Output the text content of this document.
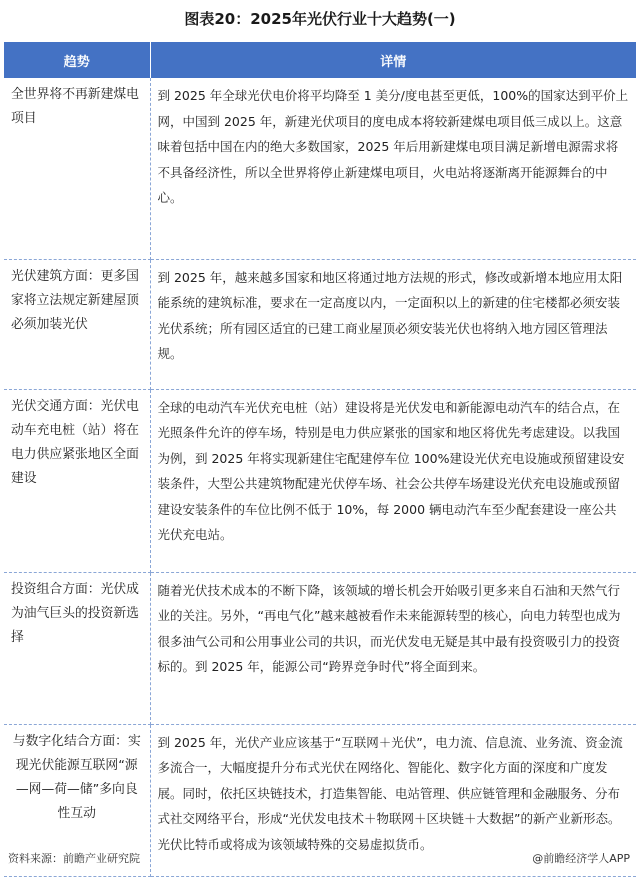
图表20：2025年光伏行业十大趋势(一)
趋势	详情
全世界将不再新建煤电项目	到 2025 年全球光伏电价将平均降至 1 美分/度电甚至更低，100%的国家达到平价上网，中国到 2025 年，新建光伏项目的度电成本将较新建煤电项目低三成以上。这意味着包括中国在内的绝大多数国家，2025 年后用新建煤电项目满足新增电源需求将不具备经济性，所以全世界将停止新建煤电项目，火电站将逐渐离开能源舞台的中心。
光伏建筑方面：更多国家将立法规定新建屋顶必须加装光伏	到 2025 年，越来越多国家和地区将通过地方法规的形式，修改或新增本地应用太阳能系统的建筑标准，要求在一定高度以内，一定面积以上的新建的住宅楼都必须安装光伏系统；所有园区适宜的已建工商业屋顶必须安装光伏也将纳入地方园区管理法规。
光伏交通方面：光伏电动车充电桩（站）将在电力供应紧张地区全面建设	全球的电动汽车光伏充电桩（站）建设将是光伏发电和新能源电动汽车的结合点，在光照条件允许的停车场，特别是电力供应紧张的国家和地区将优先考虑建设。以我国为例，到 2025 年将实现新建住宅配建停车位 100%建设光伏充电设施或预留建设安装条件，大型公共建筑物配建光伏停车场、社会公共停车场建设光伏充电设施或预留建设安装条件的车位比例不低于 10%，每 2000 辆电动汽车至少配套建设一座公共光伏充电站。
投资组合方面：光伏成为油气巨头的投资新选择	随着光伏技术成本的不断下降，该领域的增长机会开始吸引更多来自石油和天然气行业的关注。另外，“再电气化”越来越被看作未来能源转型的核心，向电力转型也成为很多油气公司和公用事业公司的共识，而光伏发电无疑是其中最有投资吸引力的投资标的。到 2025 年，能源公司“跨界竞争时代”将全面到来。
与数字化结合方面：实现光伏能源互联网“源—网—荷—储”多向良性互动	到 2025 年，光伏产业应该基于“互联网＋光伏”，电力流、信息流、业务流、资金流多流合一，大幅度提升分布式光伏在网络化、智能化、数字化方面的深度和广度发展。同时，依托区块链技术，打造集智能、电站管理、供应链管理和金融服务、分布式社交网络平台，形成“光伏发电技术＋物联网＋区块链＋大数据”的新产业新形态。光伏比特币或将成为该领域特殊的交易虚拟货币。
资料来源：前瞻产业研究院	@前瞻经济学人APP
